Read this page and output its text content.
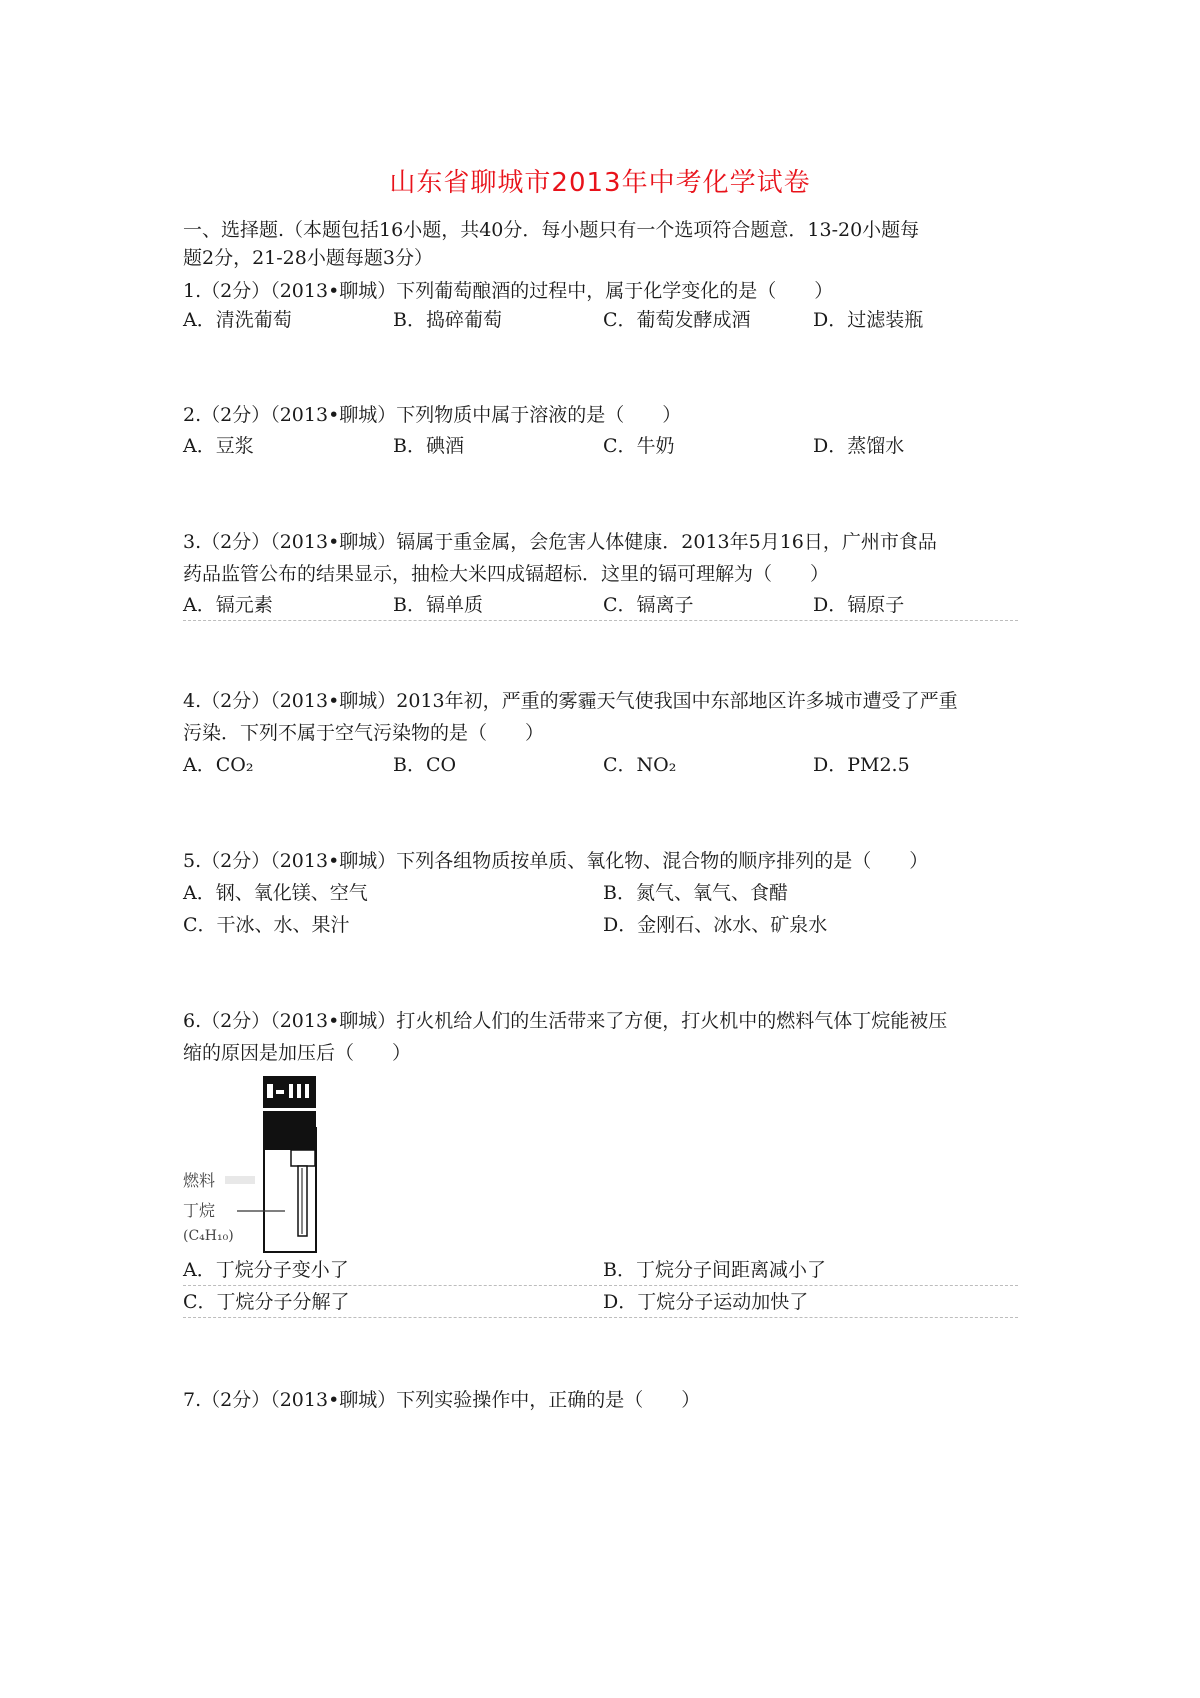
山东省聊城市2013年中考化学试卷
一、选择题.（本题包括16小题，共40分．每小题只有一个选项符合题意．13-20小题每
题2分，21-28小题每题3分）
1.（2分）（2013•聊城）下列葡萄酿酒的过程中，属于化学变化的是（　　）
A．清洗葡萄	B．捣碎葡萄	C．葡萄发酵成酒	D．过滤装瓶
2.（2分）（2013•聊城）下列物质中属于溶液的是（　　）
A．豆浆	B．碘酒	C．牛奶	D．蒸馏水
3.（2分）（2013•聊城）镉属于重金属，会危害人体健康．2013年5月16日，广州市食品
药品监管公布的结果显示，抽检大米四成镉超标．这里的镉可理解为（　　）
A．镉元素	B．镉单质	C．镉离子	D．镉原子
4.（2分）（2013•聊城）2013年初，严重的雾霾天气使我国中东部地区许多城市遭受了严重
污染．下列不属于空气污染物的是（　　）
A．CO₂	B．CO	C．NO₂	D．PM2.5
5.（2分）（2013•聊城）下列各组物质按单质、氧化物、混合物的顺序排列的是（　　）
A．钢、氧化镁、空气	B．氮气、氧气、食醋
C．干冰、水、果汁	D．金刚石、冰水、矿泉水
6.（2分）（2013•聊城）打火机给人们的生活带来了方便，打火机中的燃料气体丁烷能被压
缩的原因是加压后（　　）
燃料
丁烷
(C₄H₁₀)
A．丁烷分子变小了	B．丁烷分子间距离减小了
C．丁烷分子分解了	D．丁烷分子运动加快了
7.（2分）（2013•聊城）下列实验操作中，正确的是（　　）
